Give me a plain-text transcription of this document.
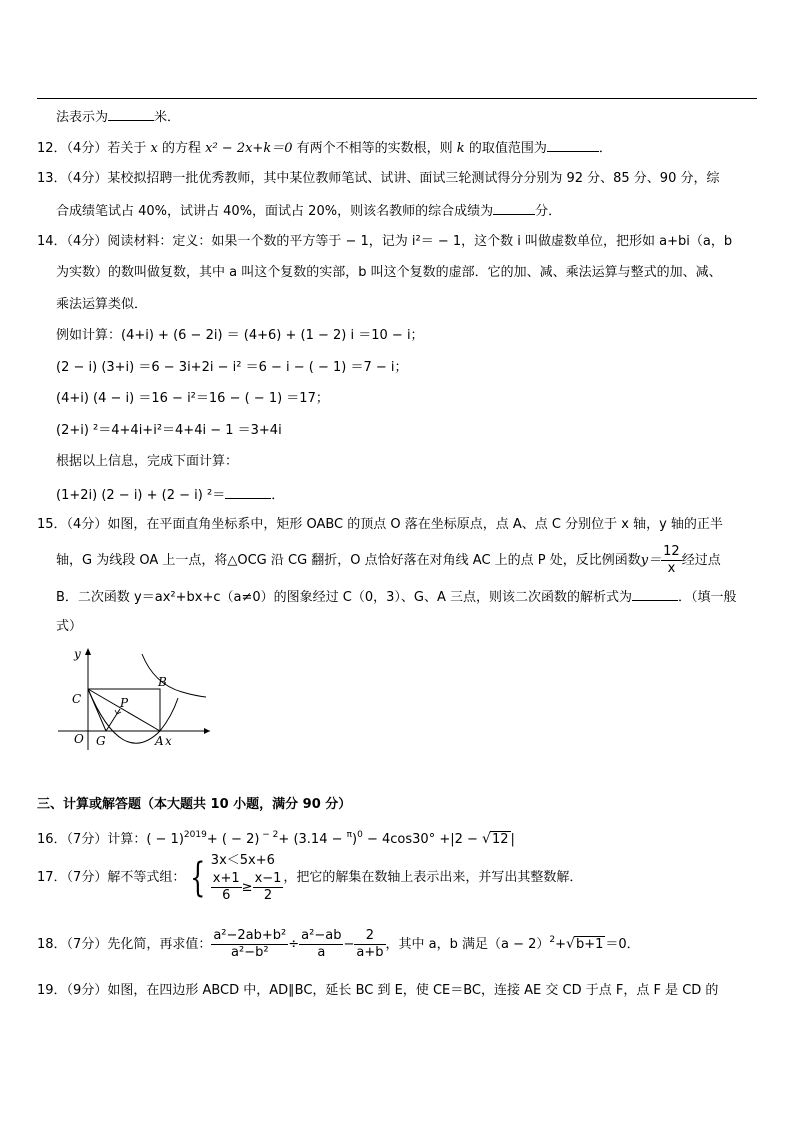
法表示为	米．
12．（4分）若关于 x 的方程 x² − 2x+k＝0 有两个不相等的实数根，则 k 的取值范围为	．
13．（4分）某校拟招聘一批优秀教师，其中某位教师笔试、试讲、面试三轮测试得分分别为 92 分、85 分、90 分，综
合成绩笔试占 40%，试讲占 40%，面试占 20%，则该名教师的综合成绩为	分．
14．（4分）阅读材料：定义：如果一个数的平方等于 − 1，记为 i²＝ − 1，这个数 i 叫做虚数单位，把形如 a+bi（a，b
为实数）的数叫做复数，其中 a 叫这个复数的实部，b 叫这个复数的虚部．它的加、减、乘法运算与整式的加、减、
乘法运算类似．
例如计算：(4+i) + (6 − 2i) ＝ (4+6) + (1 − 2) i ＝10 − i；
(2 − i) (3+i) ＝6 − 3i+2i − i² ＝6 − i − ( − 1) ＝7 − i；
(4+i) (4 − i) ＝16 − i²＝16 − ( − 1) ＝17；
(2+i) ²＝4+4i+i²＝4+4i − 1 ＝3+4i
根据以上信息，完成下面计算：
(1+2i) (2 − i) + (2 − i) ²＝	．
15．（4分）如图，在平面直角坐标系中，矩形 OABC 的顶点 O 落在坐标原点，点 A、点 C 分别位于 x 轴，y 轴的正半
轴，G 为线段 OA 上一点，将△OCG 沿 CG 翻折，O 点恰好落在对角线 AC 上的点 P 处，反比例函数$y= \frac{12}{x}$ 经过点
B．二次函数 y＝ax²+bx+c（a≠0）的图象经过 C（0，3）、G、A 三点，则该二次函数的解析式为	．（填一般
式）
y
x
A
O
B
C
G
P
三、计算或解答题（本大题共 10 小题，满分 90 分）
16．（7分）计算：( − 1)$^{2019}$+ ( − 2) $^{- 2}+ (3.14 - ^\pi)^0 - 4\cos 30^\circ +|2 - √12$ |
17．（7分）解不等式组： { 3x＜5x+6
$\frac{x+1}{6} \ge \frac{x-1}{2}$ ，把它的解集在数轴上表示出来，并写出其整数解．
18．（7分）先化简，再求值： $\frac{\text{a²−2ab+b²}}{\text{a²−b²}} \div \frac{\text{a²−ab}}{a} - \frac{2}{a+b}$ ，其中 a，b 满足$(a - 2)^2+√b+1 =0$．
19．（9分）如图，在四边形 ABCD 中，AD∥BC，延长 BC 到 E，使 CE＝BC，连接 AE 交 CD 于点 F，点 F 是 CD 的
